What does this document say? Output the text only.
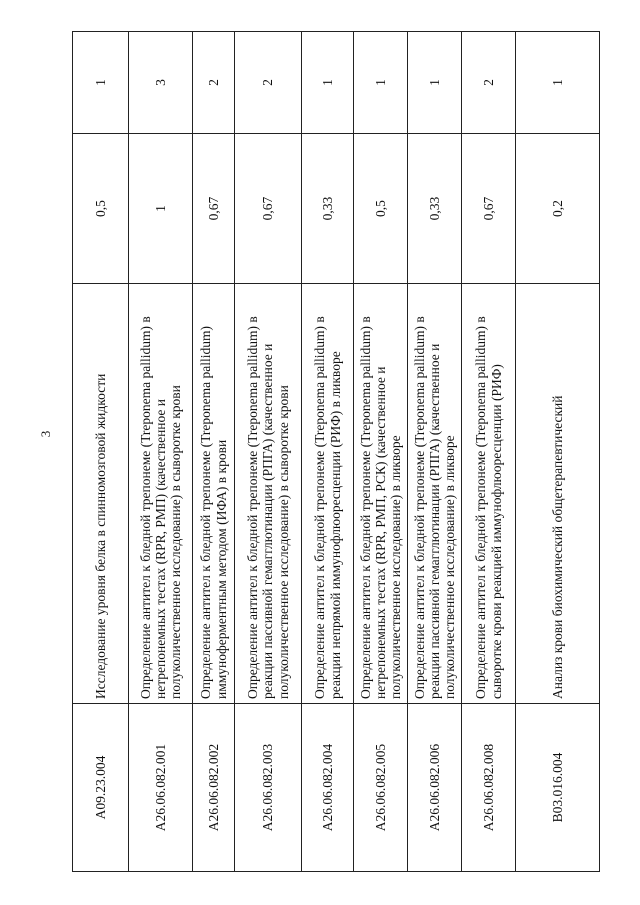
3
A09.23.004	Исследование уровня белка в спинномозговой жидкости	0,5	1
A26.06.082.001	Определение антител к бледной трепонеме (Treponema pallidum) в нетрепонемных тестах (RPR, РМП) (качественное и полуколичественное исследование) в сыворотке крови	1	3
A26.06.082.002	Определение антител к бледной трепонеме (Treponema pallidum) иммуноферментным методом (ИФА) в крови	0,67	2
A26.06.082.003	Определение антител к бледной трепонеме (Treponema pallidum) в реакции пассивной гемагглютинации (РПГА) (качественное и полуколичественное исследование) в сыворотке крови	0,67	2
A26.06.082.004	Определение антител к бледной трепонеме (Treponema pallidum) в реакции непрямой иммунофлюоресценции (РИФ) в ликворе	0,33	1
A26.06.082.005	Определение антител к бледной трепонеме (Treponema pallidum) в нетрепонемных тестах (RPR, РМП, РСК) (качественное и полуколичественное исследование) в ликворе	0,5	1
A26.06.082.006	Определение антител к бледной трепонеме (Treponema pallidum) в реакции пассивной гемагглютинации (РПГА) (качественное и полуколичественное исследование) в ликворе	0,33	1
A26.06.082.008	Определение антител к бледной трепонеме (Treponema pallidum) в сыворотке крови реакцией иммунофлюоресценции (РИФ)	0,67	2
B03.016.004	Анализ крови биохимический общетерапевтический	0,2	1
